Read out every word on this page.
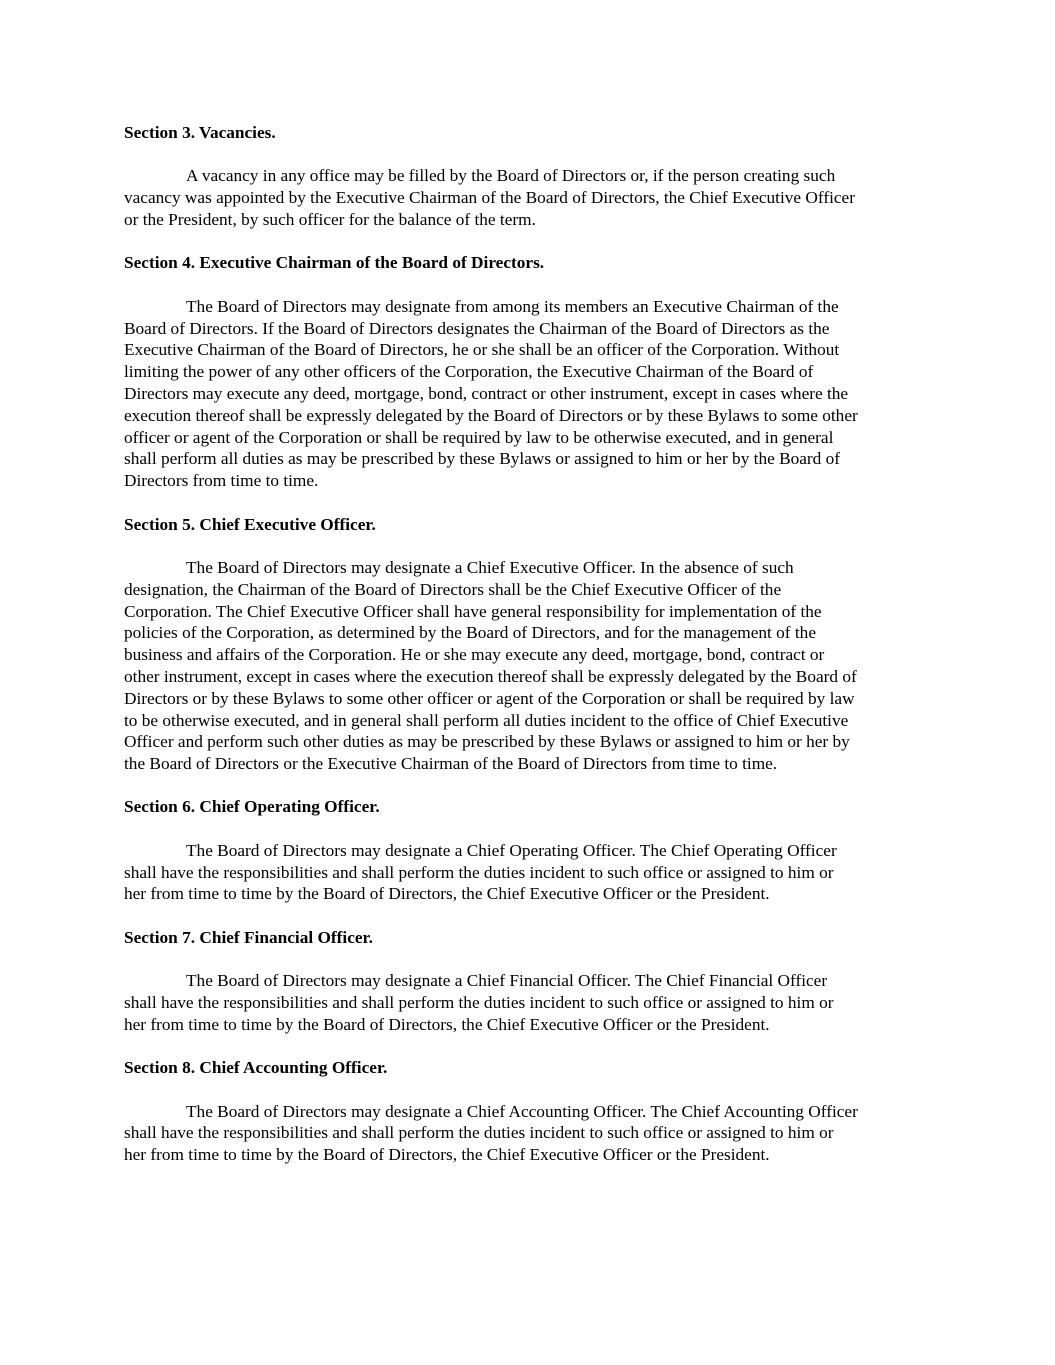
Section 3. Vacancies.

A vacancy in any office may be filled by the Board of Directors or, if the person creating such
vacancy was appointed by the Executive Chairman of the Board of Directors, the Chief Executive Officer
or the President, by such officer for the balance of the term.

Section 4. Executive Chairman of the Board of Directors.

The Board of Directors may designate from among its members an Executive Chairman of the
Board of Directors. If the Board of Directors designates the Chairman of the Board of Directors as the
Executive Chairman of the Board of Directors, he or she shall be an officer of the Corporation. Without
limiting the power of any other officers of the Corporation, the Executive Chairman of the Board of
Directors may execute any deed, mortgage, bond, contract or other instrument, except in cases where the
execution thereof shall be expressly delegated by the Board of Directors or by these Bylaws to some other
officer or agent of the Corporation or shall be required by law to be otherwise executed, and in general
shall perform all duties as may be prescribed by these Bylaws or assigned to him or her by the Board of
Directors from time to time.

Section 5. Chief Executive Officer.

The Board of Directors may designate a Chief Executive Officer. In the absence of such
designation, the Chairman of the Board of Directors shall be the Chief Executive Officer of the
Corporation. The Chief Executive Officer shall have general responsibility for implementation of the
policies of the Corporation, as determined by the Board of Directors, and for the management of the
business and affairs of the Corporation. He or she may execute any deed, mortgage, bond, contract or
other instrument, except in cases where the execution thereof shall be expressly delegated by the Board of
Directors or by these Bylaws to some other officer or agent of the Corporation or shall be required by law
to be otherwise executed, and in general shall perform all duties incident to the office of Chief Executive
Officer and perform such other duties as may be prescribed by these Bylaws or assigned to him or her by
the Board of Directors or the Executive Chairman of the Board of Directors from time to time.

Section 6. Chief Operating Officer.

The Board of Directors may designate a Chief Operating Officer. The Chief Operating Officer
shall have the responsibilities and shall perform the duties incident to such office or assigned to him or
her from time to time by the Board of Directors, the Chief Executive Officer or the President.

Section 7. Chief Financial Officer.

The Board of Directors may designate a Chief Financial Officer. The Chief Financial Officer
shall have the responsibilities and shall perform the duties incident to such office or assigned to him or
her from time to time by the Board of Directors, the Chief Executive Officer or the President.

Section 8. Chief Accounting Officer.

The Board of Directors may designate a Chief Accounting Officer. The Chief Accounting Officer
shall have the responsibilities and shall perform the duties incident to such office or assigned to him or
her from time to time by the Board of Directors, the Chief Executive Officer or the President.
